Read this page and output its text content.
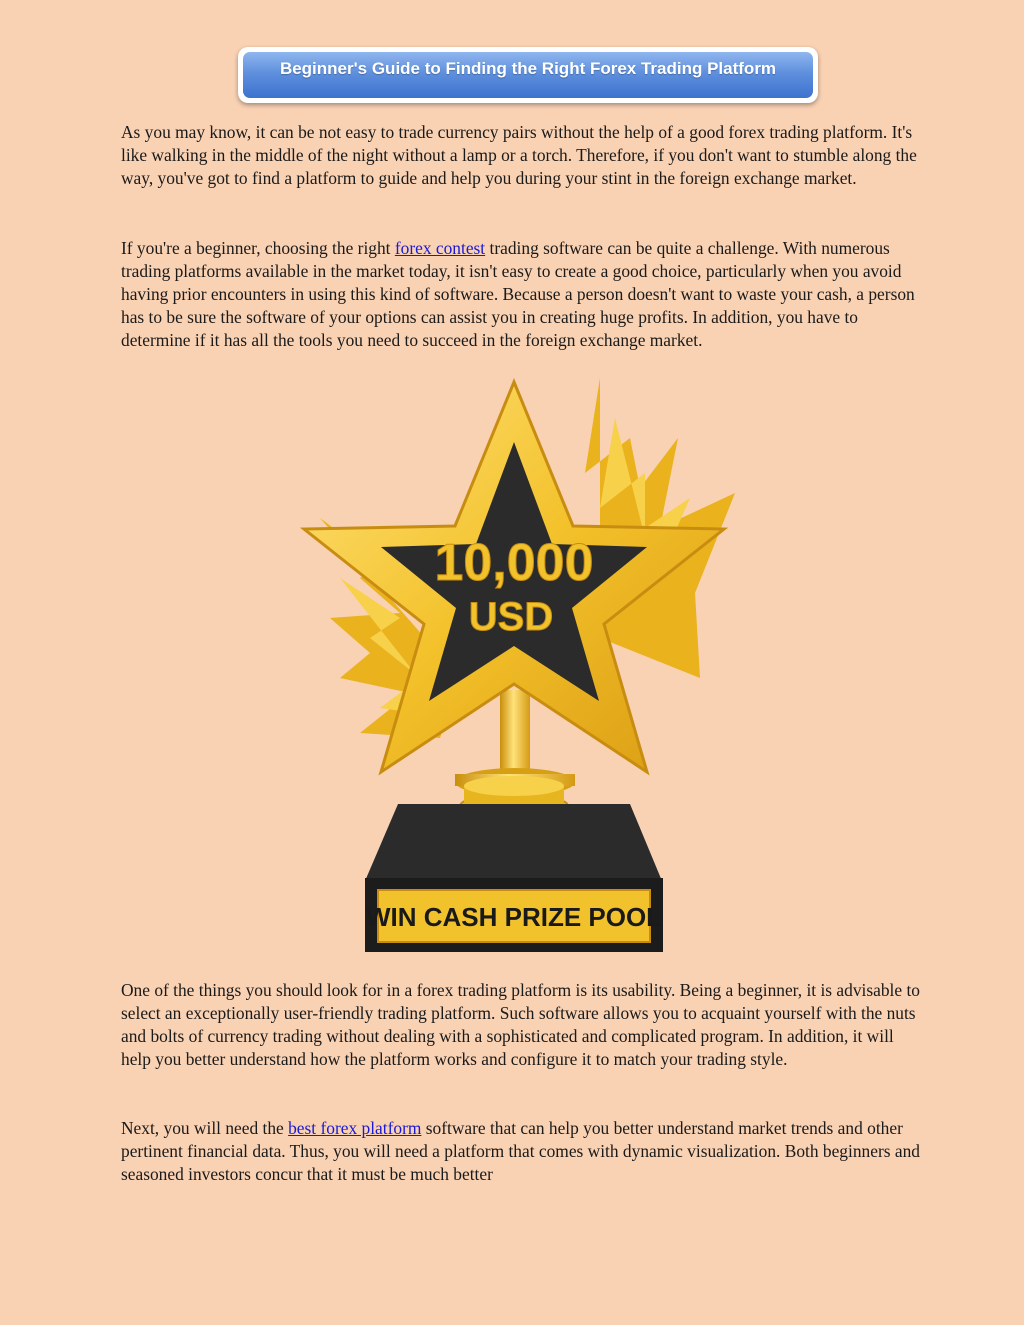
Beginner's Guide to Finding the Right Forex Trading Platform

As you may know, it can be not easy to trade currency pairs without the help of a good forex trading platform. It's like walking in the middle of the night without a lamp or a torch. Therefore, if you don't want to stumble along the way, you've got to find a platform to guide and help you during your stint in the foreign exchange market.

If you're a beginner, choosing the right forex contest trading software can be quite a challenge. With numerous trading platforms available in the market today, it isn't easy to create a good choice, particularly when you avoid having prior encounters in using this kind of software. Because a person doesn't want to waste your cash, a person has to be sure the software of your options can assist you in creating huge profits. In addition, you have to determine if it has all the tools you need to succeed in the foreign exchange market.

10,000
USD
WIN CASH PRIZE POOL

One of the things you should look for in a forex trading platform is its usability. Being a beginner, it is advisable to select an exceptionally user-friendly trading platform. Such software allows you to acquaint yourself with the nuts and bolts of currency trading without dealing with a sophisticated and complicated program. In addition, it will help you better understand how the platform works and configure it to match your trading style.

Next, you will need the best forex platform software that can help you better understand market trends and other pertinent financial data. Thus, you will need a platform that comes with dynamic visualization. Both beginners and seasoned investors concur that it must be much better
